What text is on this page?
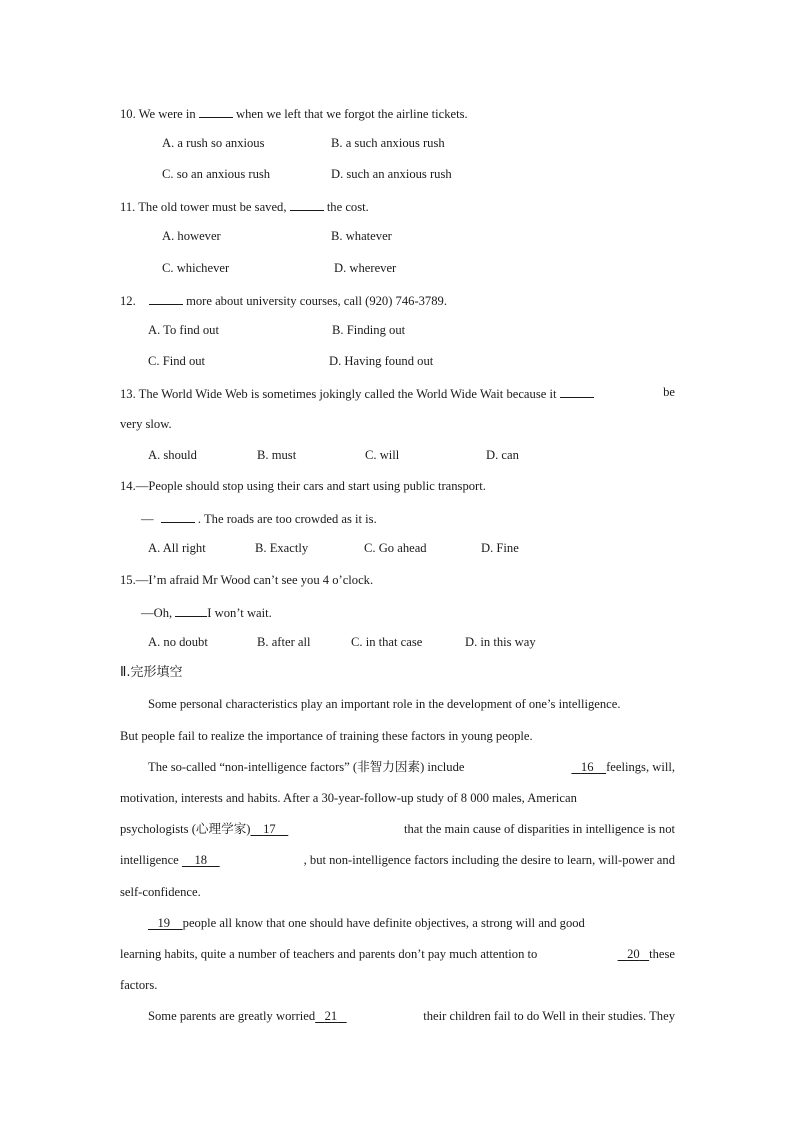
10. We were in	when we left that we forgot the airline tickets.
A. a rush so anxious	B. a such anxious rush
C. so an anxious rush	D. such an anxious rush
11. The old tower must be saved,	the cost.
A. however	B. whatever
C. whichever	D. wherever
12.	more about university courses, call (920) 746-3789.
A. To find out	B. Finding out
C. Find out	D. Having found out
13. The World Wide Web is sometimes jokingly called the World Wide Wait because it	be
very slow.
A. should	B. must	C. will	D. can
14.—People should stop using their cars and start using public transport.
—	. The roads are too crowded as it is.
A. All right	B. Exactly	C. Go ahead	D. Fine
15.—I’m afraid Mr Wood can’t see you 4 o’clock.
—Oh,	I won’t wait.
A. no doubt	B. after all	C. in that case	D. in this way
Ⅱ.完形填空
Some personal characteristics play an important role in the development of one’s intelligence.
But people fail to realize the importance of training these factors in young people.
The so-called “non-intelligence factors” (非智力因素) include	16 feelings, will,
motivation, interests and habits. After a 30-year-follow-up study of 8 000 males, American
psychologists (心理学家) 17	that the main cause of disparities in intelligence is not
intelligence 18	, but non-intelligence factors including the desire to learn, will-power and
self-confidence.
19 people all know that one should have definite objectives, a strong will and good
learning habits, quite a number of teachers and parents don’t pay much attention to	20 these
factors.
Some parents are greatly worried 21	their children fail to do Well in their studies. They
